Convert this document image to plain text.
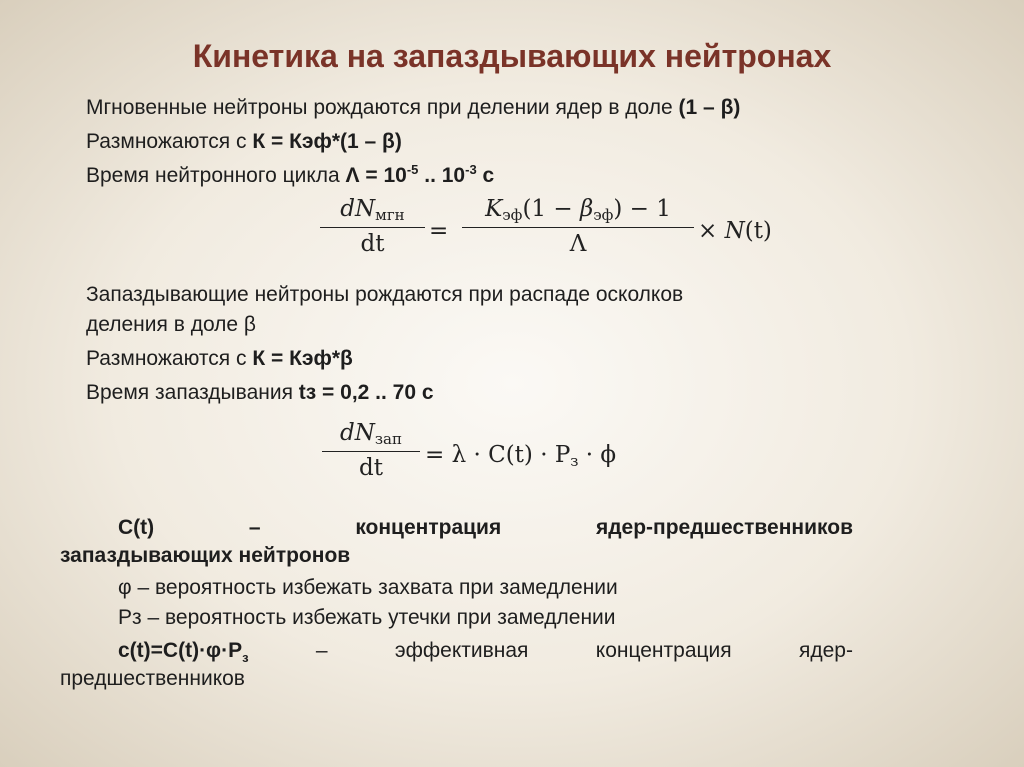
Кинетика на запаздывающих нейтронах
Мгновенные нейтроны рождаются при делении ядер в доле (1 – β)
Размножаются с К = Кэф*(1 – β)
Время нейтронного цикла $\Lambda = 10^{-5}$ .. $10^{-3}$ с
$dN_{мгн}$
dt	=
$K_{эф}(1 - \beta_{эф}) - 1$
Λ	× N(t)
Запаздывающие нейтроны рождаются при распаде осколков
деления в доле β
Размножаются с К = Кэф*β
Время запаздывания tз = 0,2 .. 70 с
$dN_{зап}$
dt	= $\lambda \cdot C(t) \cdot P_з \cdot \phi$
C(t)	–	концентрация	ядер-предшественников
запаздывающих нейтронов
φ – вероятность избежать захвата при замедлении
Рз – вероятность избежать утечки при замедлении
$c(t)=C(t)\cdot\varphi\cdot Р_з$	–	эффективная	концентрация	ядер-
предшественников
